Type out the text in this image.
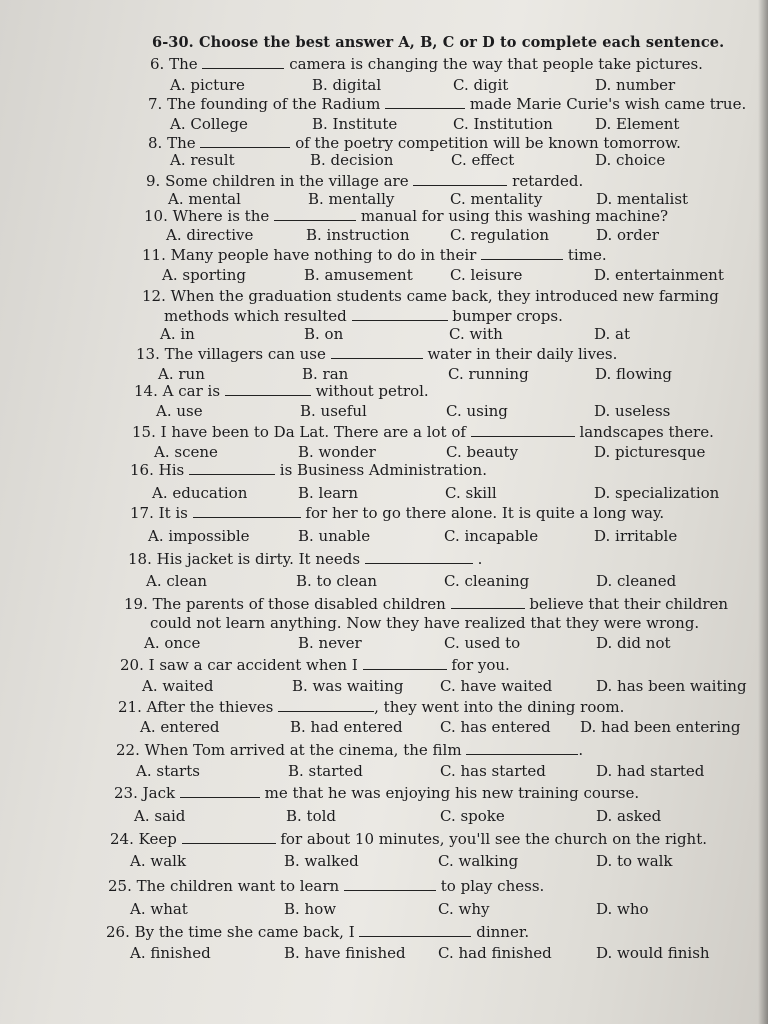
6-30. Choose the best answer A, B, C or D to complete each sentence.
6. The	camera is changing the way that people take pictures.
A. picture	B. digital	C. digit	D. number
7. The founding of the Radium	made Marie Curie's wish came true.
A. College	B. Institute	C. Institution	D. Element
8. The	of the poetry competition will be known tomorrow.
A. result	B. decision	C. effect	D. choice
9. Some children in the village are	retarded.
A. mental	B. mentally	C. mentality	D. mentalist
10. Where is the	manual for using this washing machine?
A. directive	B. instruction	C. regulation	D. order
11. Many people have nothing to do in their	time.
A. sporting	B. amusement C. leisure	D. entertainment
12. When the graduation students came back, they introduced new farming
methods which resulted	bumper crops.
A. in	B. on	C. with	D. at
13. The villagers can use	water in their daily lives.
A. run	B. ran	C. running	D. flowing
14. A car is	without petrol.
A. use	B. useful	C. using	D. useless
15. I have been to Da Lat. There are a lot of	landscapes there.
A. scene	B. wonder	C. beauty	D. picturesque
16. His	is Business Administration.
A. education	B. learn	C. skill	D. specialization
17. It is	for her to go there alone. It is quite a long way.
A. impossible	B. unable	C. incapable	D. irritable
18. His jacket is dirty. It needs	.
A. clean	B. to clean	C. cleaning	D. cleaned
19. The parents of those disabled children	believe that their children
could not learn anything. Now they have realized that they were wrong.
A. once	B. never	C. used to	D. did not
20. I saw a car accident when I	for you.
A. waited	B. was waiting C. have waited	D. has been waiting
21. After the thieves	, they went into the dining room.
A. entered	B. had entered C. has entered D. had been entering
22. When Tom arrived at the cinema, the film	.
A. starts	B. started	C. has started	D. had started
23. Jack	me that he was enjoying his new training course.
A. said	B. told	C. spoke	D. asked
24. Keep	for about 10 minutes, you'll see the church on the right.
A. walk	B. walked	C. walking	D. to walk
25. The children want to learn	to play chess.
A. what	B. how	C. why	D. who
26. By the time she came back, I	dinner.
A. finished	B. have finished C. had finished	D. would finish
